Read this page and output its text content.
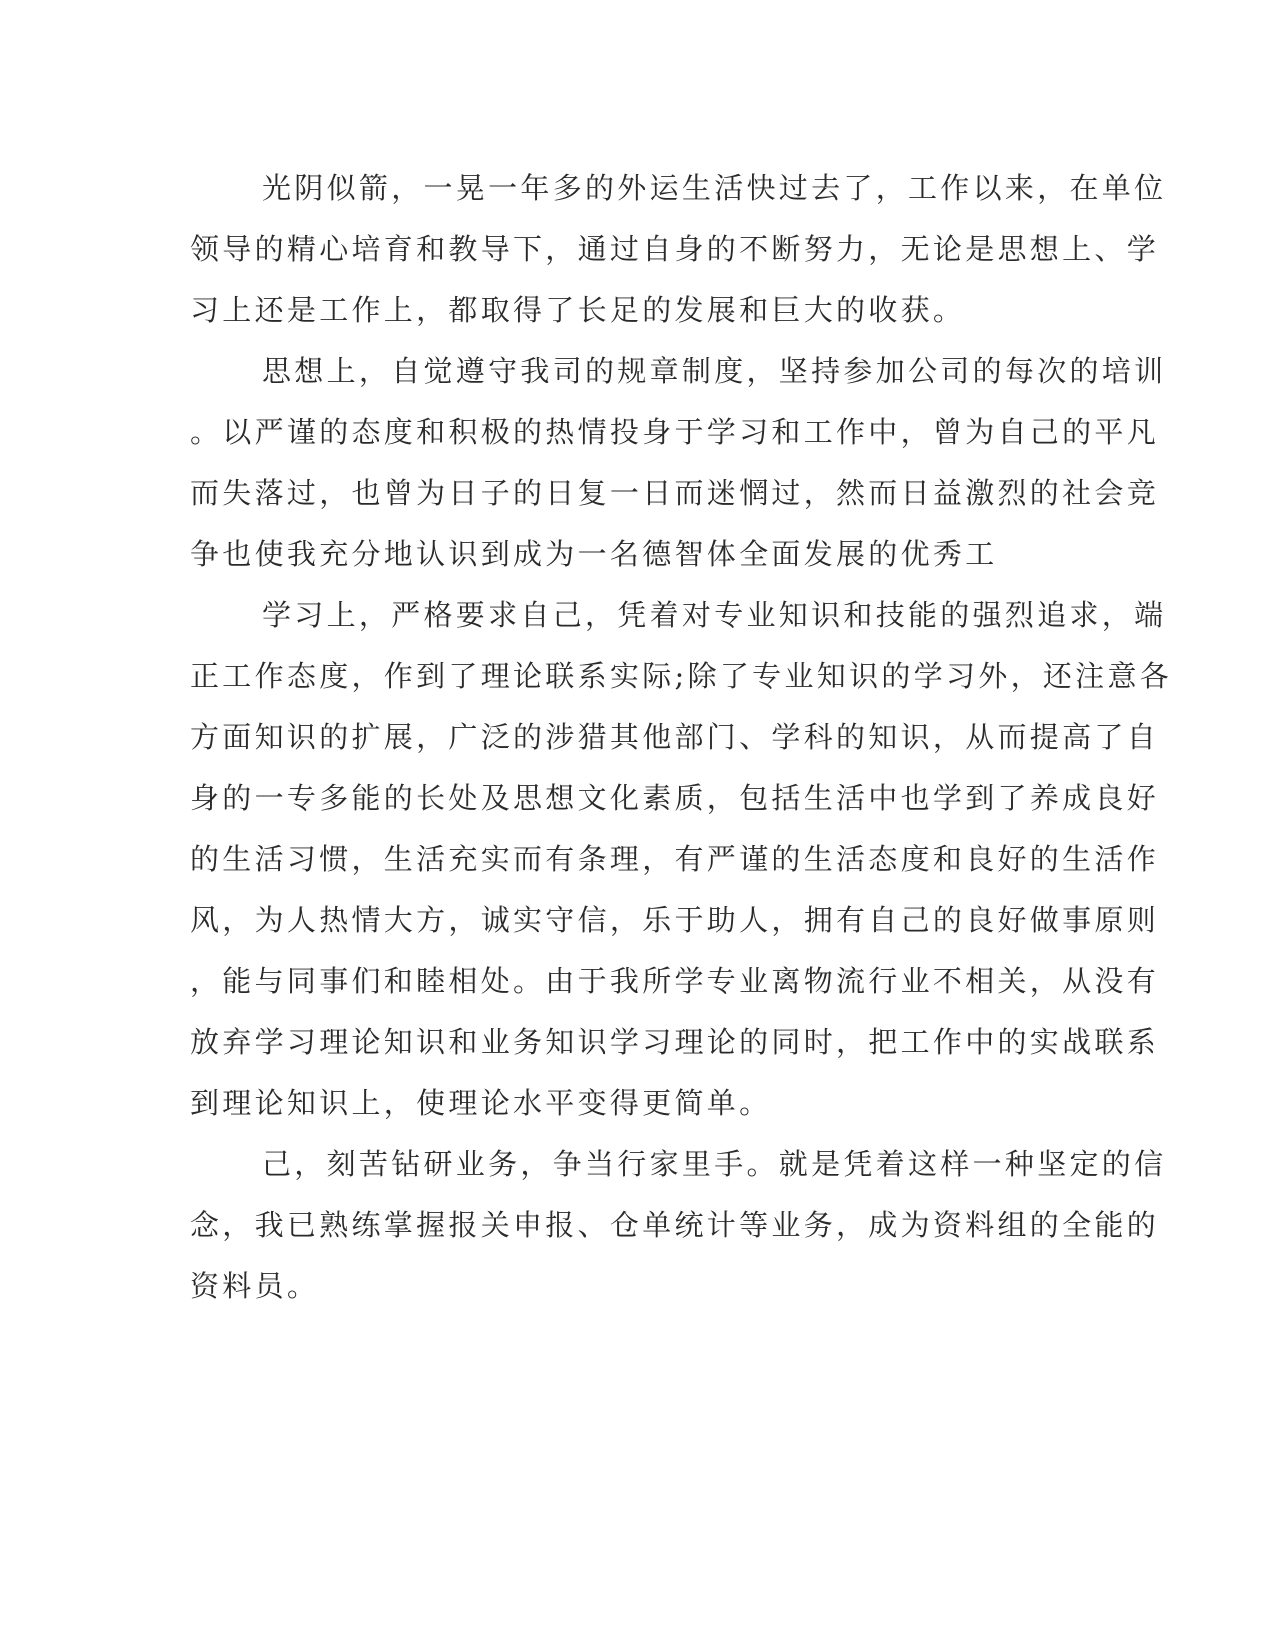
光阴似箭，一晃一年多的外运生活快过去了，工作以来，在单位
领导的精心培育和教导下，通过自身的不断努力，无论是思想上、学
习上还是工作上，都取得了长足的发展和巨大的收获。

思想上，自觉遵守我司的规章制度，坚持参加公司的每次的培训
。以严谨的态度和积极的热情投身于学习和工作中，曾为自己的平凡
而失落过，也曾为日子的日复一日而迷惘过，然而日益激烈的社会竞
争也使我充分地认识到成为一名德智体全面发展的优秀工

学习上，严格要求自己，凭着对专业知识和技能的强烈追求，端
正工作态度，作到了理论联系实际;除了专业知识的学习外，还注意各
方面知识的扩展，广泛的涉猎其他部门、学科的知识，从而提高了自
身的一专多能的长处及思想文化素质，包括生活中也学到了养成良好
的生活习惯，生活充实而有条理，有严谨的生活态度和良好的生活作
风，为人热情大方，诚实守信，乐于助人，拥有自己的良好做事原则
，能与同事们和睦相处。由于我所学专业离物流行业不相关，从没有
放弃学习理论知识和业务知识学习理论的同时，把工作中的实战联系
到理论知识上，使理论水平变得更简单。

己，刻苦钻研业务，争当行家里手。就是凭着这样一种坚定的信
念，我已熟练掌握报关申报、仓单统计等业务，成为资料组的全能的
资料员。
